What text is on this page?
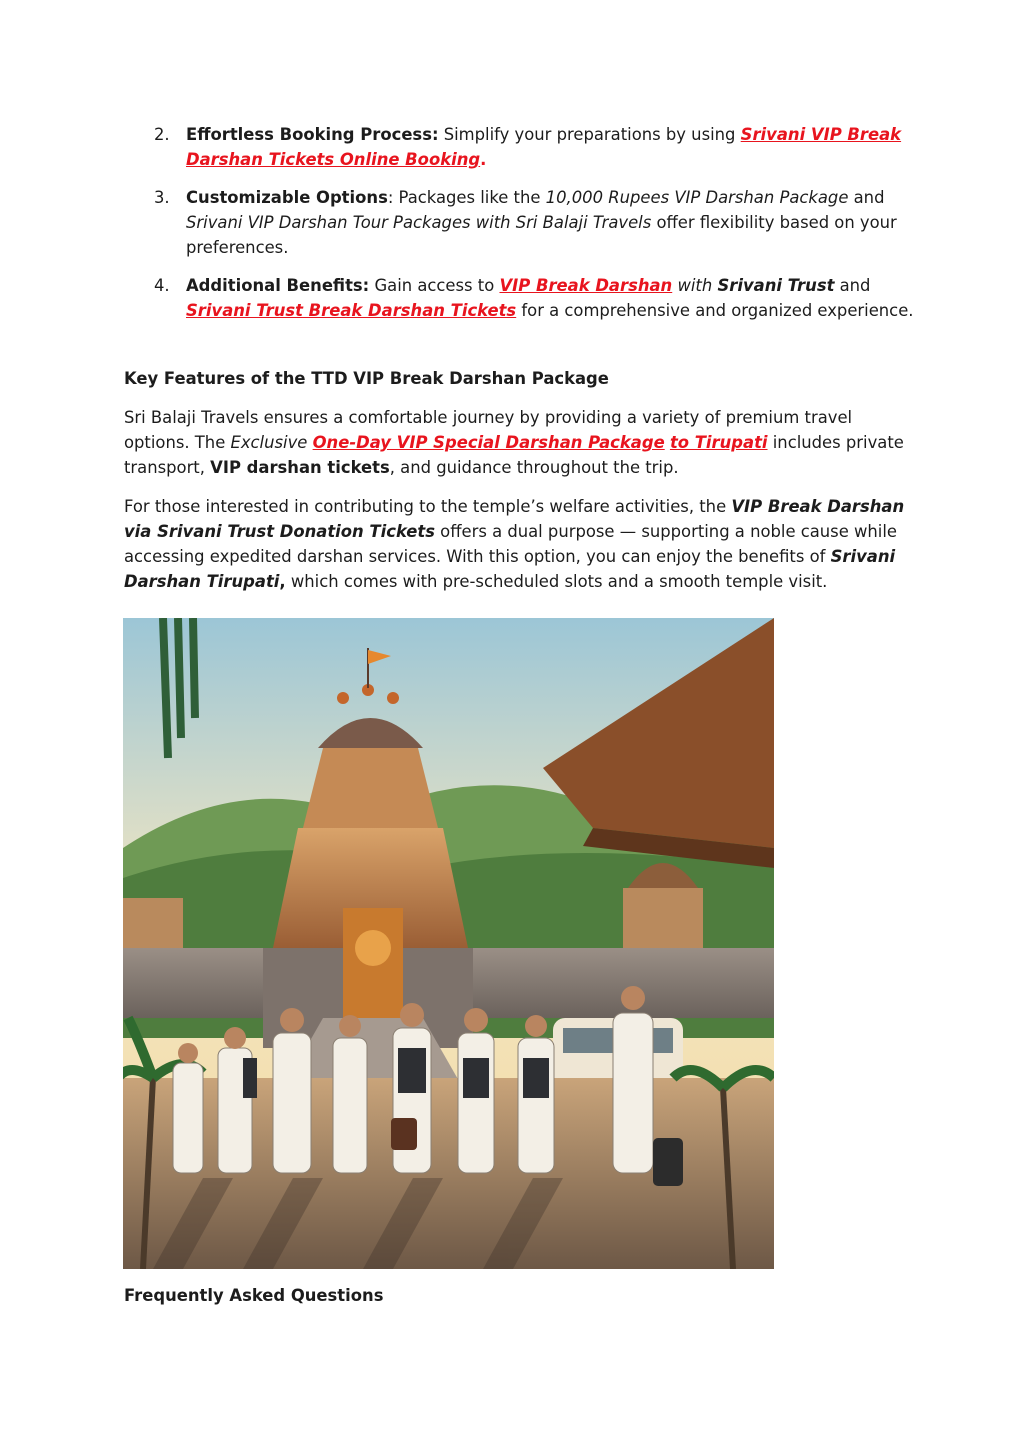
2. Effortless Booking Process: Simplify your preparations by using Srivani VIP Break Darshan Tickets Online Booking.
3. Customizable Options: Packages like the 10,000 Rupees VIP Darshan Package and Srivani VIP Darshan Tour Packages with Sri Balaji Travels offer flexibility based on your preferences.
4. Additional Benefits: Gain access to VIP Break Darshan with Srivani Trust and Srivani Trust Break Darshan Tickets for a comprehensive and organized experience.

Key Features of the TTD VIP Break Darshan Package

Sri Balaji Travels ensures a comfortable journey by providing a variety of premium travel options. The Exclusive One-Day VIP Special Darshan Package to Tirupati includes private transport, VIP darshan tickets, and guidance throughout the trip.

For those interested in contributing to the temple’s welfare activities, the VIP Break Darshan via Srivani Trust Donation Tickets offers a dual purpose — supporting a noble cause while accessing expedited darshan services. With this option, you can enjoy the benefits of Srivani Darshan Tirupati, which comes with pre-scheduled slots and a smooth temple visit.

Frequently Asked Questions
